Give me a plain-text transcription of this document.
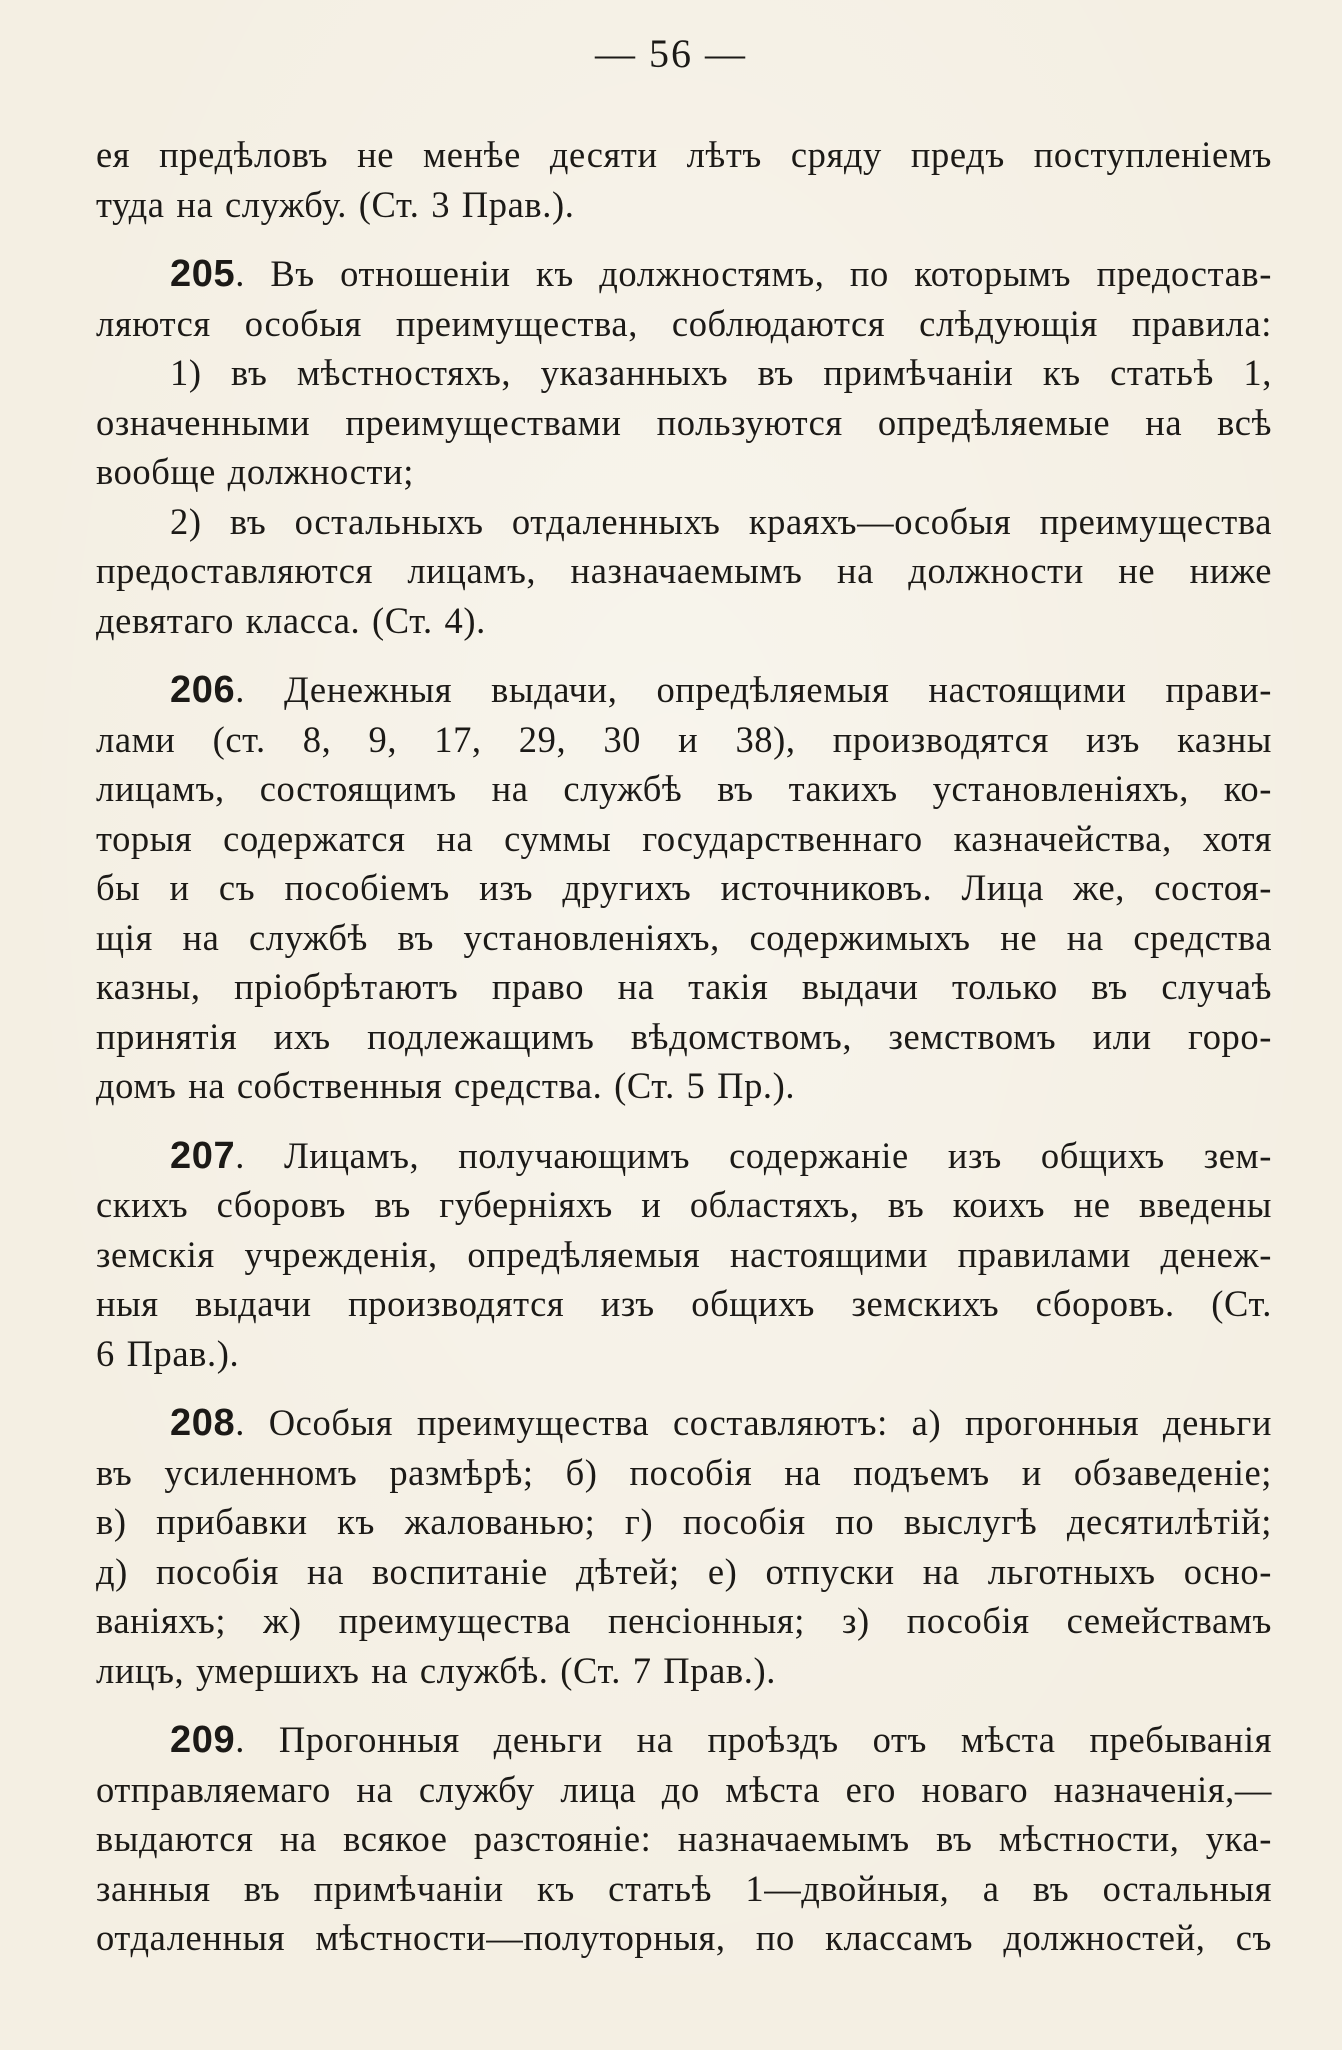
— 56 —

ея предѣловъ не менѣе десяти лѣтъ сряду предъ поступленіемъ
туда на службу. (Ст. 3 Прав.).

205. Въ отношеніи къ должностямъ, по которымъ предостав-
ляются особыя преимущества, соблюдаются слѣдующія правила:
1) въ мѣстностяхъ, указанныхъ въ примѣчаніи къ статьѣ 1,
означенными преимуществами пользуются опредѣляемые на всѣ
вообще должности;
2) въ остальныхъ отдаленныхъ краяхъ—особыя преимущества
предоставляются лицамъ, назначаемымъ на должности не ниже
девятаго класса. (Ст. 4).

206. Денежныя выдачи, опредѣляемыя настоящими прави-
лами (ст. 8, 9, 17, 29, 30 и 38), производятся изъ казны
лицамъ, состоящимъ на службѣ въ такихъ установленіяхъ, ко-
торыя содержатся на суммы государственнаго казначейства, хотя
бы и съ пособіемъ изъ другихъ источниковъ. Лица же, состоя-
щія на службѣ въ установленіяхъ, содержимыхъ не на средства
казны, пріобрѣтаютъ право на такія выдачи только въ случаѣ
принятія ихъ подлежащимъ вѣдомствомъ, земствомъ или горо-
домъ на собственныя средства. (Ст. 5 Пр.).

207. Лицамъ, получающимъ содержаніе изъ общихъ зем-
скихъ сборовъ въ губерніяхъ и областяхъ, въ коихъ не введены
земскія учрежденія, опредѣляемыя настоящими правилами денеж-
ныя выдачи производятся изъ общихъ земскихъ сборовъ. (Ст.
6 Прав.).

208. Особыя преимущества составляютъ: а) прогонныя деньги
въ усиленномъ размѣрѣ; б) пособія на подъемъ и обзаведеніе;
в) прибавки къ жалованью; г) пособія по выслугѣ десятилѣтій;
д) пособія на воспитаніе дѣтей; е) отпуски на льготныхъ осно-
ваніяхъ; ж) преимущества пенсіонныя; з) пособія семействамъ
лицъ, умершихъ на службѣ. (Ст. 7 Прав.).

209. Прогонныя деньги на проѣздъ отъ мѣста пребыванія
отправляемаго на службу лица до мѣста его новаго назначенія,—
выдаются на всякое разстояніе: назначаемымъ въ мѣстности, ука-
занныя въ примѣчаніи къ статьѣ 1—двойныя, а въ остальныя
отдаленныя мѣстности—полуторныя, по классамъ должностей, съ
